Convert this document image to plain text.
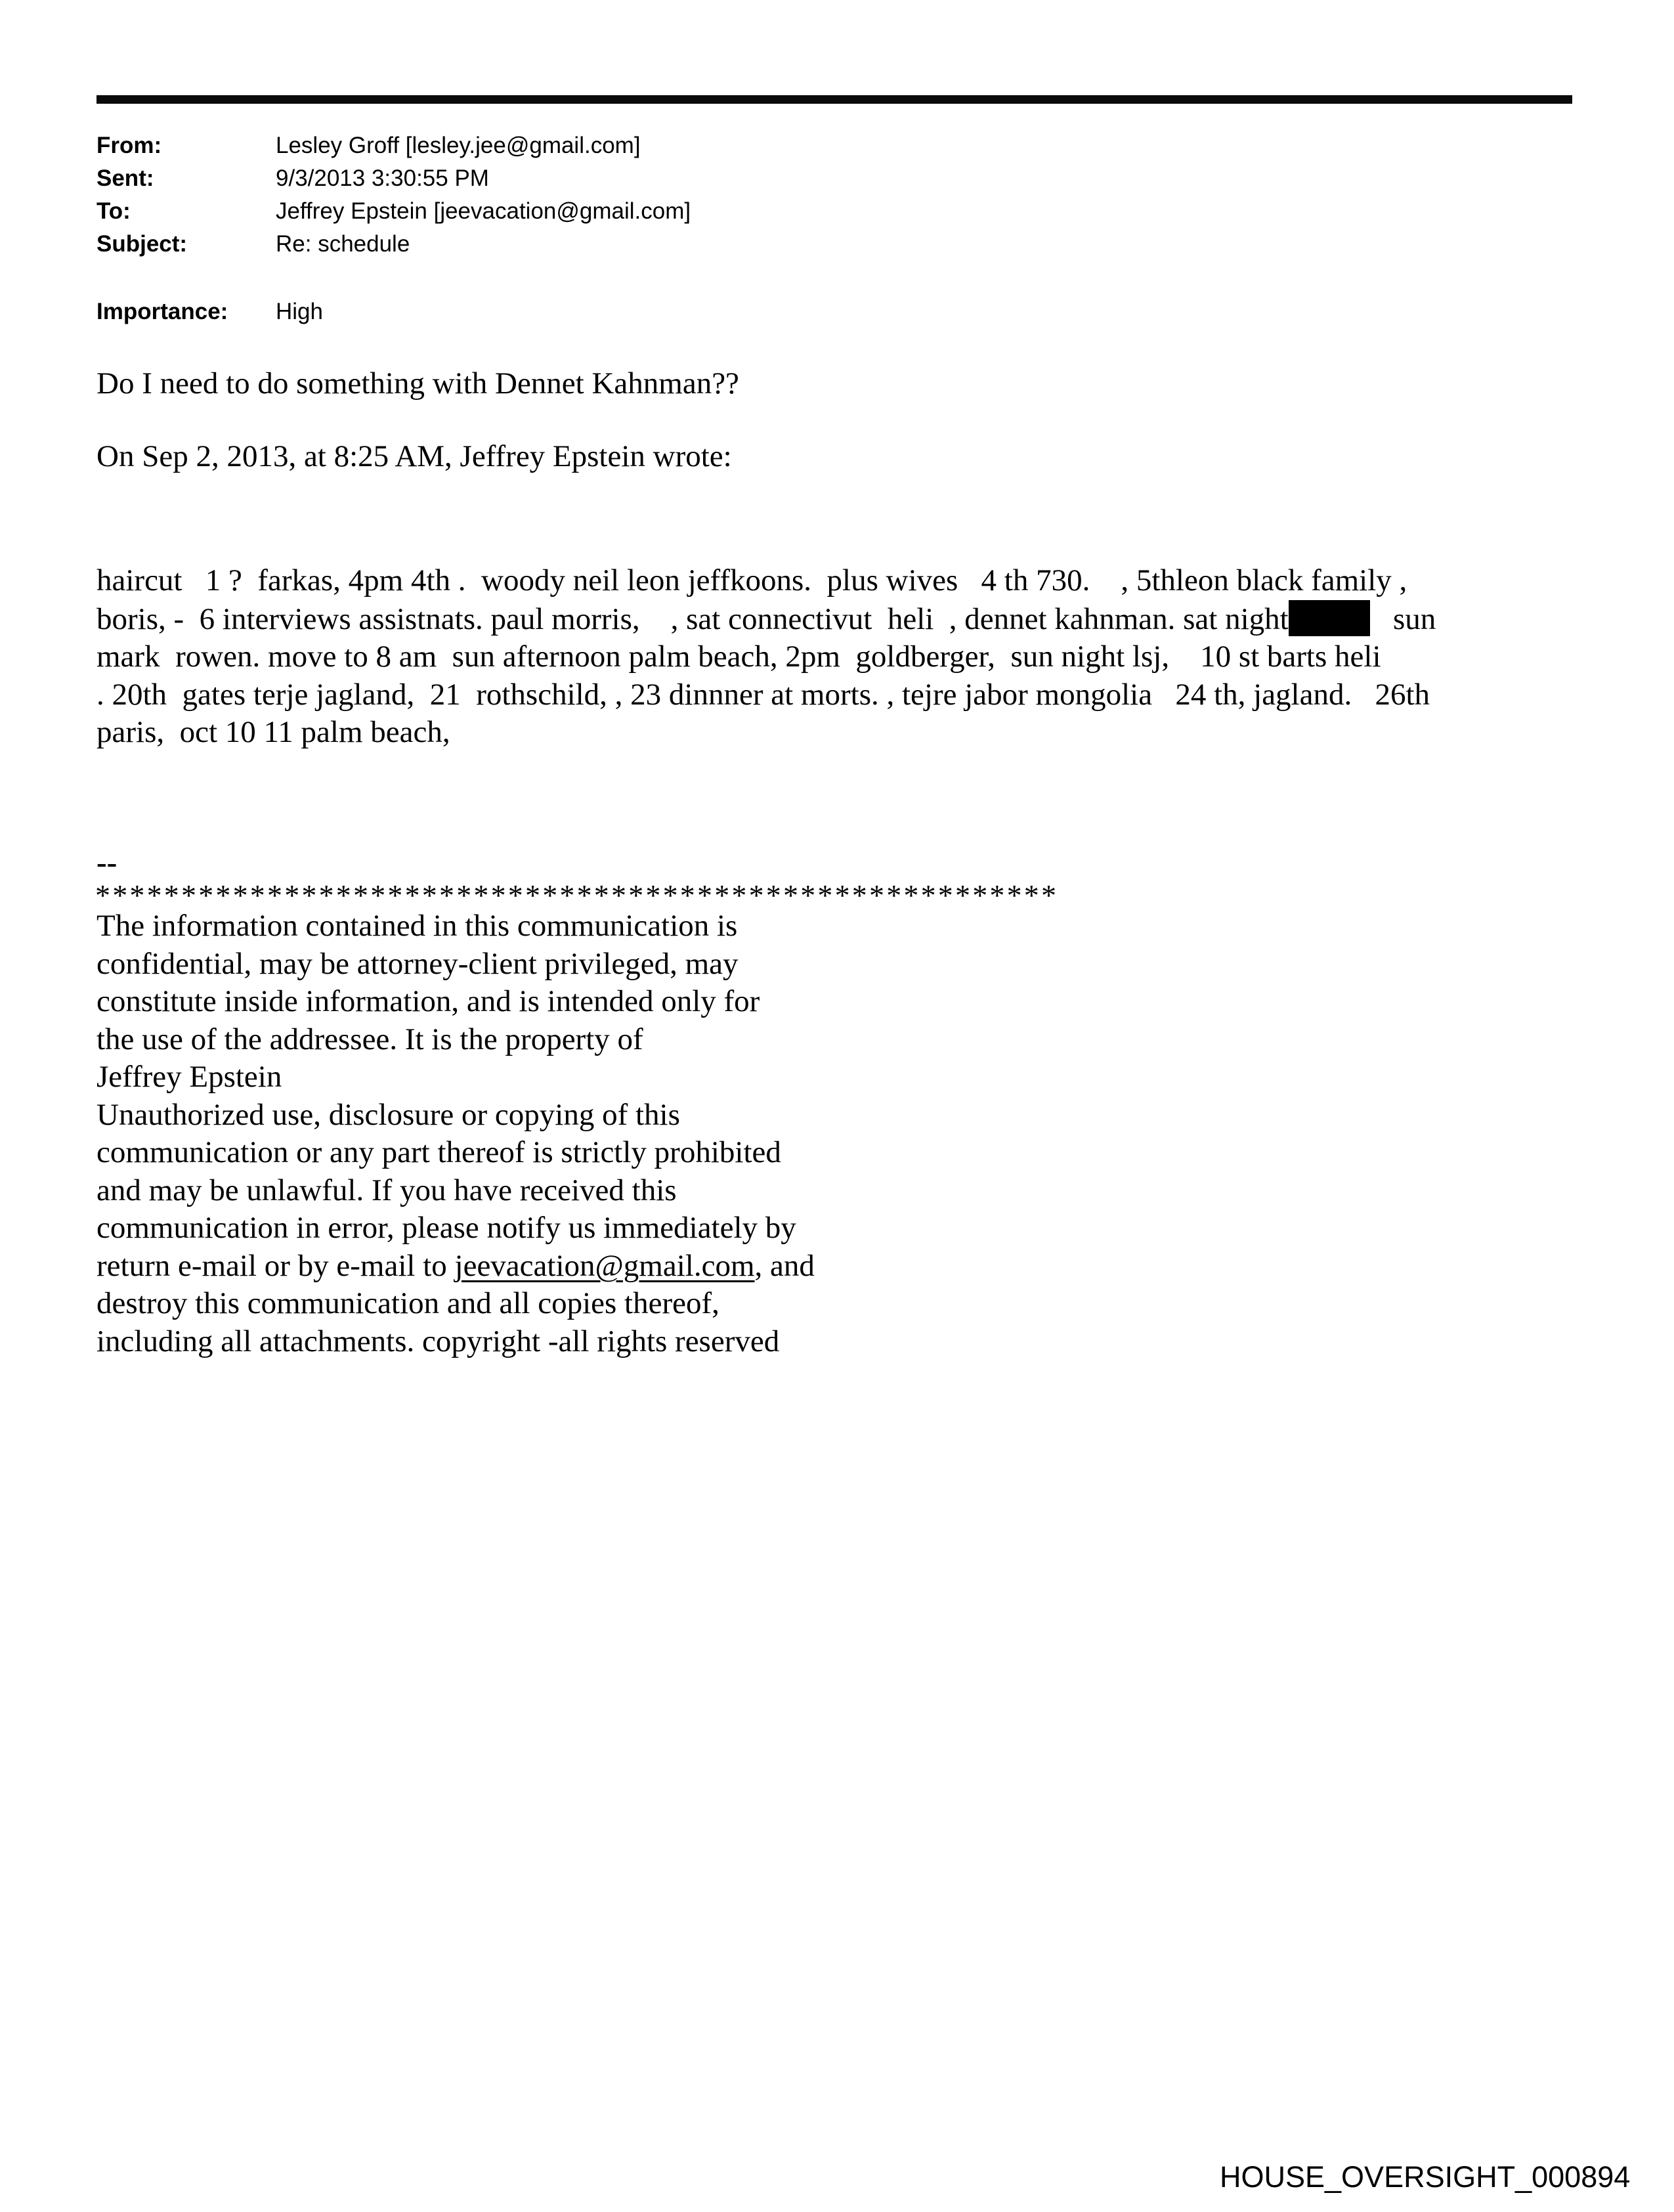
From:	Lesley Groff [lesley.jee@gmail.com]
Sent:	9/3/2013 3:30:55 PM
To:	Jeffrey Epstein [jeevacation@gmail.com]
Subject:	Re: schedule
Importance:	High
Do I need to do something with Dennet Kahnman??
On Sep 2, 2013, at 8:25 AM, Jeffrey Epstein wrote:
haircut   1 ?  farkas, 4pm 4th .  woody neil leon jeffkoons.  plus wives   4 th 730.    , 5thleon black family ,
boris, -  6 interviews assistnats. paul morris,    , sat connectivut  heli  , dennet kahnman. sat night	sun
mark  rowen. move to 8 am  sun afternoon palm beach, 2pm  goldberger,  sun night lsj,    10 st barts heli
. 20th  gates terje jagland,  21  rothschild, , 23 dinnner at morts. , tejre jabor mongolia   24 th, jagland.   26th
paris,  oct 10 11 palm beach,
--
********************************************************
The information contained in this communication is
confidential, may be attorney-client privileged, may
constitute inside information, and is intended only for
the use of the addressee. It is the property of
Jeffrey Epstein
Unauthorized use, disclosure or copying of this
communication or any part thereof is strictly prohibited
and may be unlawful. If you have received this
communication in error, please notify us immediately by
return e-mail or by e-mail to jeevacation@gmail.com, and
destroy this communication and all copies thereof,
including all attachments. copyright -all rights reserved
HOUSE_OVERSIGHT_000894
